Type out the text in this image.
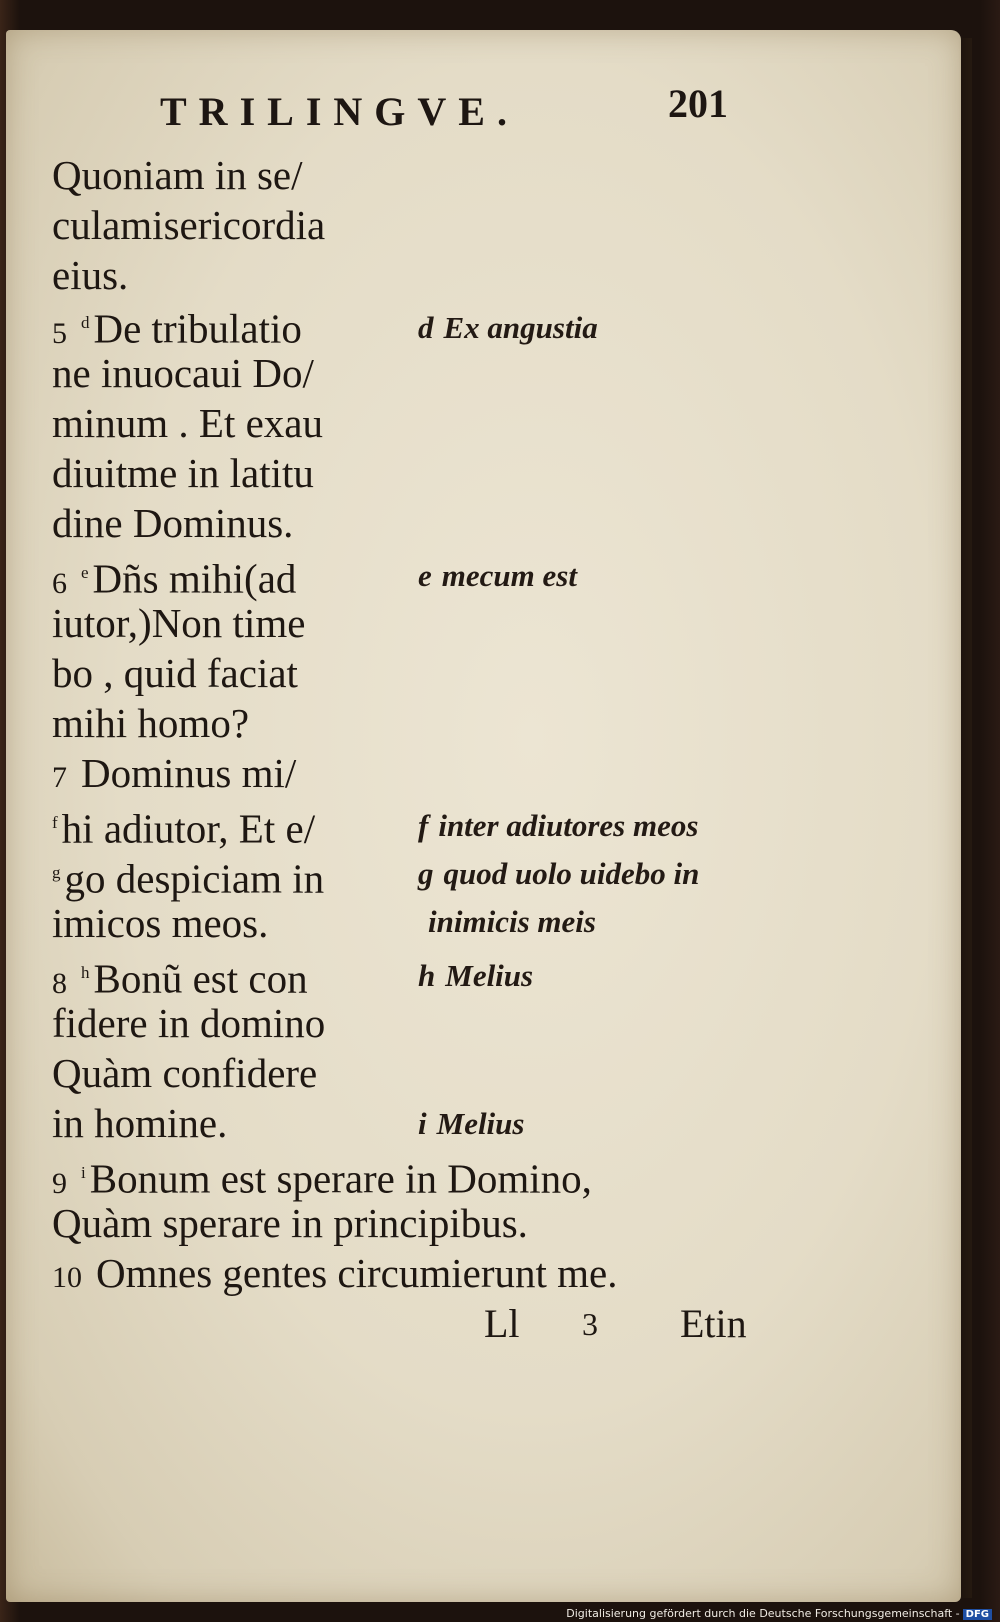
TRILINGVE.	201
Quoniam in se/
culamisericordia
eius.
5 $^d$De tribulatio
ne inuocaui Do/
minum . Et exau
diuitme in latitu
dine Dominus.
6 $^e$Dñs mihi(ad
iutor,)Non time
bo , quid faciat
mihi homo?
7 Dominus mi/
$^f$hi adiutor, Et e/
$^g$go despiciam in
imicos meos.
8 $^h$Bonũ est con
fidere in domino
Quàm confidere
in homine.
9 $^i$Bonum est sperare in Domino,
Quàm sperare in principibus.
10 Omnes gentes circumierunt me.
d Ex angustia
e mecum est
f inter adiutores meos
g quod uolo uidebo in
inimicis meis
h Melius
i Melius
Ll 3 Etin
Digitalisierung gefördert durch die Deutsche Forschungsgemeinschaft - DFG
